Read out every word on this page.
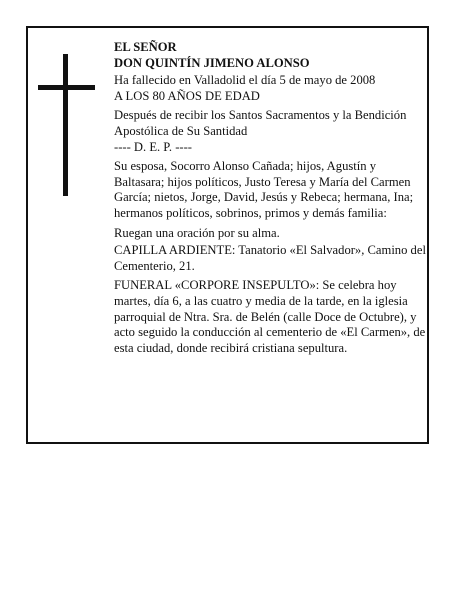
EL SEÑOR

DON QUINTÍN JIMENO ALONSO

Ha fallecido en Valladolid el día 5 de mayo de 2008

A LOS 80 AÑOS DE EDAD

Después de recibir los Santos Sacramentos y la Bendición Apostólica de Su Santidad

---- D. E. P. ----

Su esposa, Socorro Alonso Cañada; hijos, Agustín y Baltasara; hijos políticos, Justo Teresa y María del Carmen García; nietos, Jorge, David, Jesús y Rebeca; hermana, Ina; hermanos políticos, sobrinos, primos y demás familia:

Ruegan una oración por su alma.

CAPILLA ARDIENTE: Tanatorio «El Salvador», Camino del Cementerio, 21.

FUNERAL «CORPORE INSEPULTO»: Se celebra hoy martes, día 6, a las cuatro y media de la tarde, en la iglesia parroquial de Ntra. Sra. de Belén (calle Doce de Octubre), y acto seguido la conducción al cementerio de «El Carmen», de esta ciudad, donde recibirá cristiana sepultura.
